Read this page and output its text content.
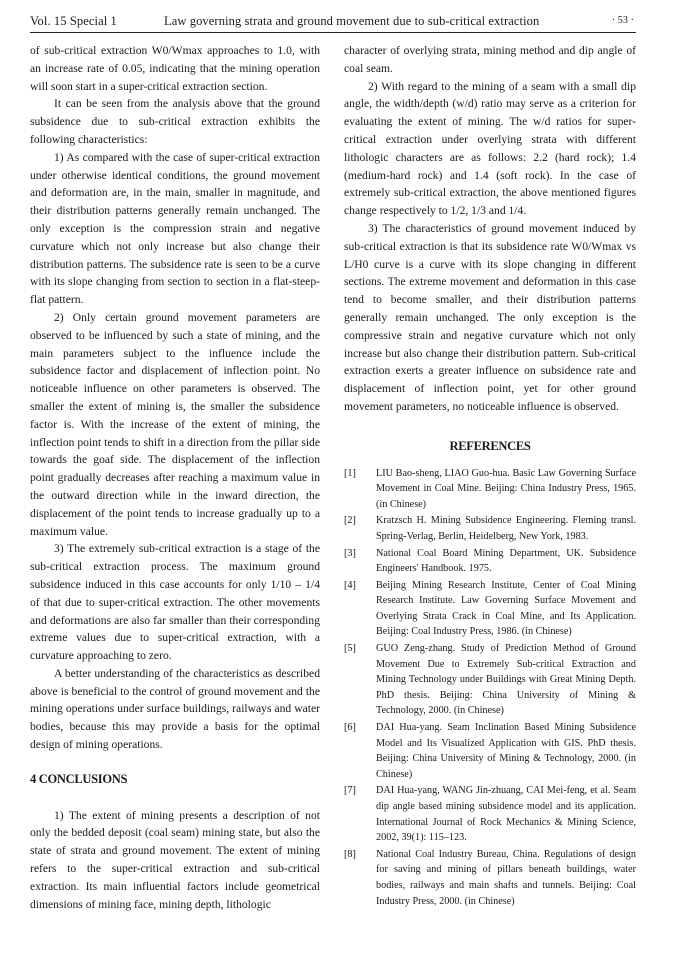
Vol. 15 Special 1	Law governing strata and ground movement due to sub-critical extraction	· 53 ·

of sub-critical extraction W0/Wmax approaches to 1.0, with an increase rate of 0.05, indicating that the mining operation will soon start in a super-critical extraction section.

It can be seen from the analysis above that the ground subsidence due to sub-critical extraction exhibits the following characteristics:

1) As compared with the case of super-critical extraction under otherwise identical conditions, the ground movement and deformation are, in the main, smaller in magnitude, and their distribution patterns generally remain unchanged. The only exception is the compression strain and negative curvature which not only increase but also change their distribution patterns. The subsidence rate is seen to be a curve with its slope changing from section to section in a flat-steep-flat pattern.

2) Only certain ground movement parameters are observed to be influenced by such a state of mining, and the main parameters subject to the influence include the subsidence factor and displacement of inflection point. No noticeable influence on other parameters is observed. The smaller the extent of mining is, the smaller the subsidence factor is. With the increase of the extent of mining, the inflection point tends to shift in a direction from the pillar side towards the goaf side. The displacement of the inflection point gradually decreases after reaching a maximum value in the outward direction while in the inward direction, the displacement of the point tends to increase gradually up to a maximum value.

3) The extremely sub-critical extraction is a stage of the sub-critical extraction process. The maximum ground subsidence induced in this case accounts for only 1/10 – 1/4 of that due to super-critical extraction. The other movements and deformations are also far smaller than their corresponding extreme values due to super-critical extraction, with a curvature approaching to zero.

A better understanding of the characteristics as described above is beneficial to the control of ground movement and the mining operations under surface buildings, railways and water bodies, because this may provide a basis for the optimal design of mining operations.

4 CONCLUSIONS

1) The extent of mining presents a description of not only the bedded deposit (coal seam) mining state, but also the state of strata and ground movement. The extent of mining refers to the super-critical extraction and sub-critical extraction. Its main influential factors include geometrical dimensions of mining face, mining depth, lithologic

character of overlying strata, mining method and dip angle of coal seam.

2) With regard to the mining of a seam with a small dip angle, the width/depth (w/d) ratio may serve as a criterion for evaluating the extent of mining. The w/d ratios for super-critical extraction under overlying strata with different lithologic characters are as follows: 2.2 (hard rock); 1.4 (medium-hard rock) and 1.4 (soft rock). In the case of extremely sub-critical extraction, the above mentioned figures change respectively to 1/2, 1/3 and 1/4.

3) The characteristics of ground movement induced by sub-critical extraction is that its subsidence rate W0/Wmax vs L/H0 curve is a curve with its slope changing in different sections. The extreme movement and deformation in this case tend to become smaller, and their distribution patterns generally remain unchanged. The only exception is the compressive strain and negative curvature which not only increase but also change their distribution pattern. Sub-critical extraction exerts a greater influence on subsidence rate and displacement of inflection point, yet for other ground movement parameters, no noticeable influence is observed.

REFERENCES
[1]	LIU Bao-sheng, LIAO Guo-hua. Basic Law Governing Surface Movement in Coal Mine. Beijing: China Industry Press, 1965. (in Chinese)
[2]	Kratzsch H. Mining Subsidence Engineering. Fleming transl. Spring-Verlag, Berlin, Heidelberg, New York, 1983.
[3]	National Coal Board Mining Department, UK. Subsidence Engineers' Handbook. 1975.
[4]	Beijing Mining Research Institute, Center of Coal Mining Research Institute. Law Governing Surface Movement and Overlying Strata Crack in Coal Mine, and Its Application. Beijing: Coal Industry Press, 1986. (in Chinese)
[5]	GUO Zeng-zhang. Study of Prediction Method of Ground Movement Due to Extremely Sub-critical Extraction and Mining Technology under Buildings with Great Mining Depth. PhD thesis. Beijing: China University of Mining & Technology, 2000. (in Chinese)
[6]	DAI Hua-yang. Seam Inclination Based Mining Subsidence Model and Its Visualized Application with GIS. PhD thesis. Beijing: China University of Mining & Technology, 2000. (in Chinese)
[7]	DAI Hua-yang, WANG Jin-zhuang, CAI Mei-feng, et al. Seam dip angle based mining subsidence model and its application. International Journal of Rock Mechanics & Mining Science, 2002, 39(1): 115–123.
[8]	National Coal Industry Bureau, China. Regulations of design for saving and mining of pillars beneath buildings, water bodies, railways and main shafts and tunnels. Beijing: Coal Industry Press, 2000. (in Chinese)
